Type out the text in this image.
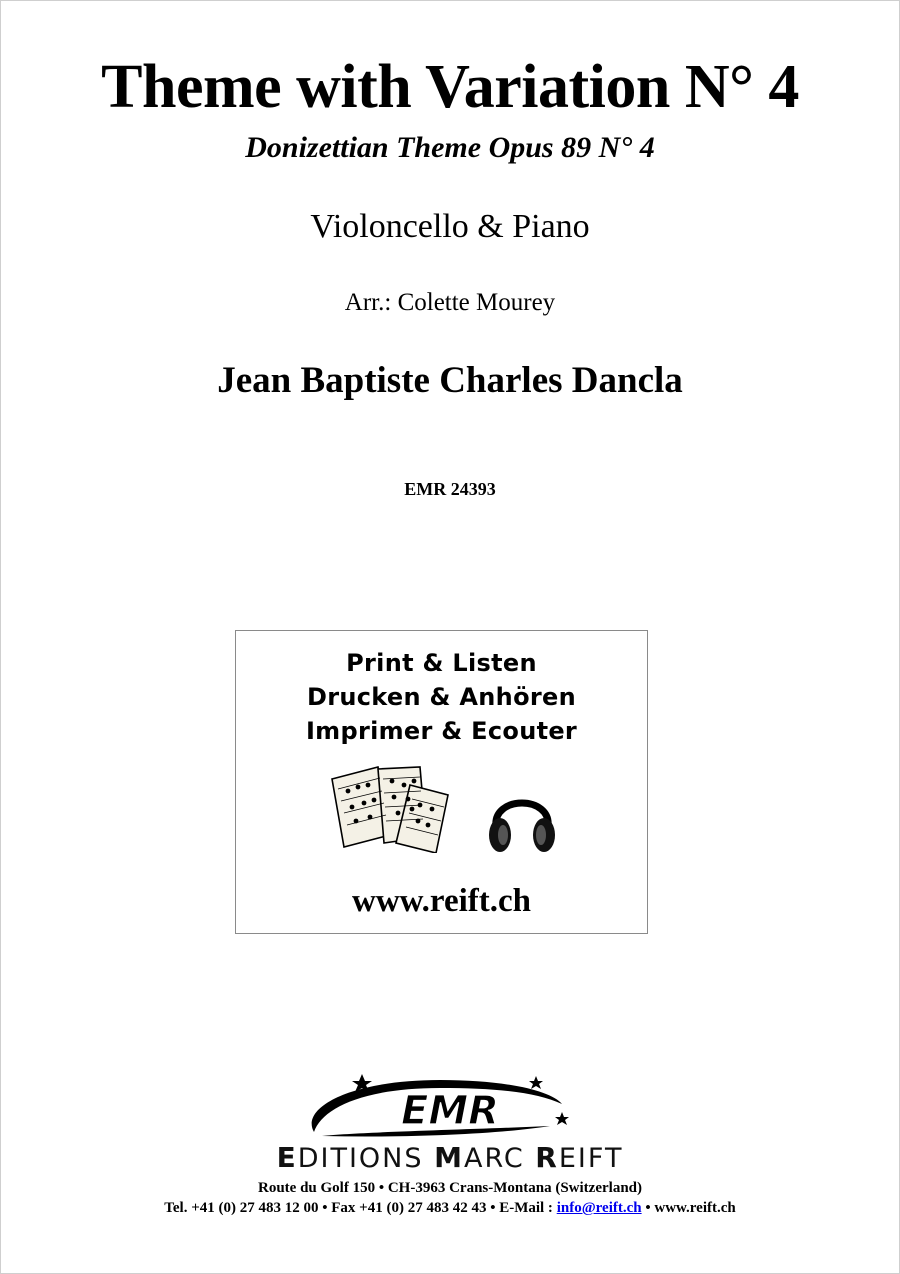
Theme with Variation N° 4
Donizettian Theme Opus 89 N° 4
Violoncello & Piano
Arr.: Colette Mourey
Jean Baptiste Charles Dancla
EMR 24393
Print & Listen
Drucken & Anhören
Imprimer & Ecouter
www.reift.ch
EMR
EDITIONS MARC REIFT
Route du Golf 150 • CH-3963 Crans-Montana (Switzerland)
Tel. +41 (0) 27 483 12 00 • Fax +41 (0) 27 483 42 43 • E-Mail : info@reift.ch • www.reift.ch
